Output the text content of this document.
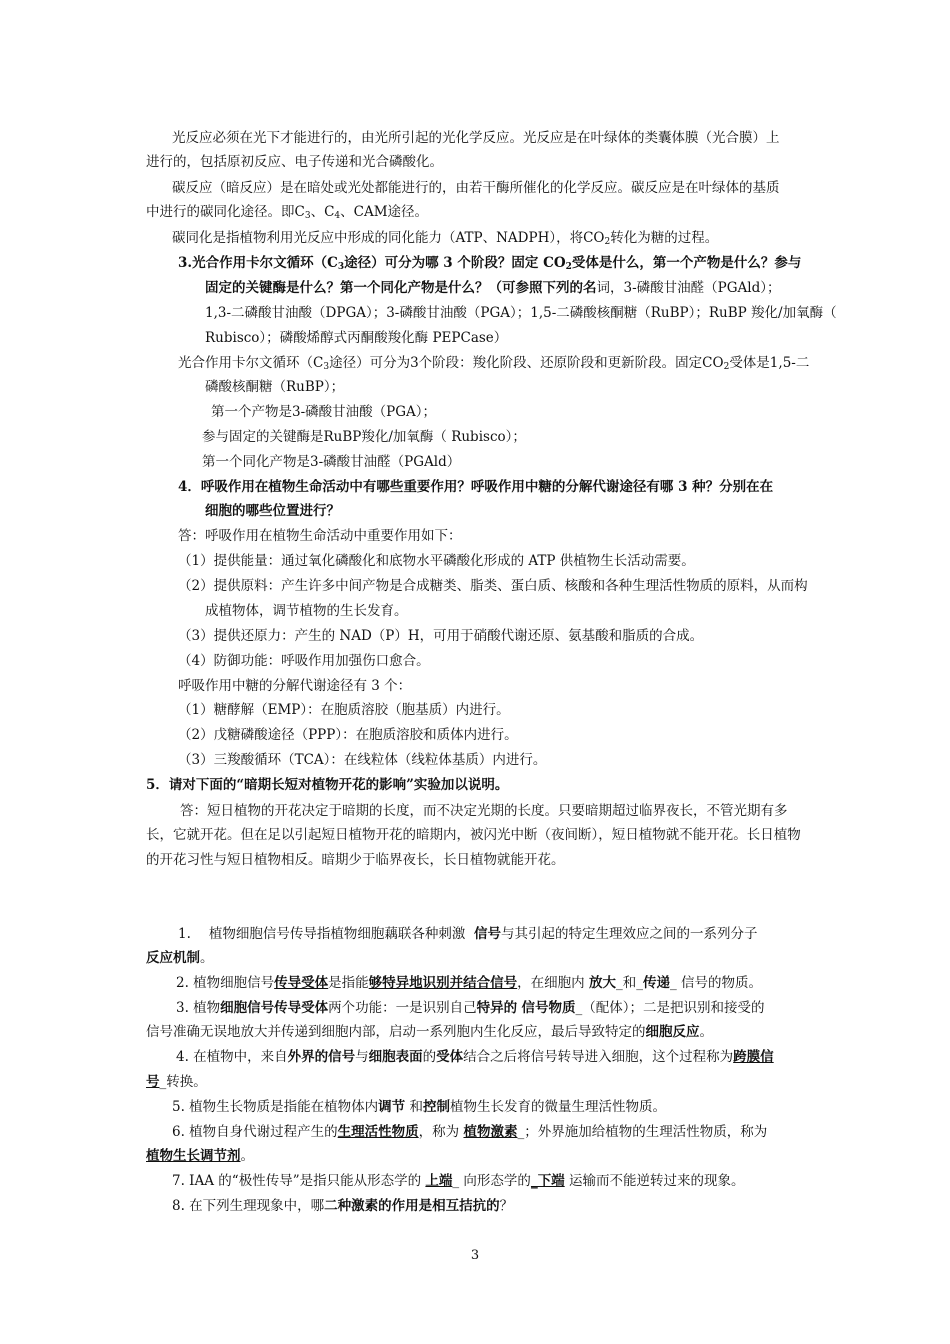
光反应必须在光下才能进行的，由光所引起的光化学反应。光反应是在叶绿体的类囊体膜（光合膜）上
进行的，包括原初反应、电子传递和光合磷酸化。
碳反应（暗反应）是在暗处或光处都能进行的，由若干酶所催化的化学反应。碳反应是在叶绿体的基质
中进行的碳同化途径。即$C_3$、$C_4$、CAM途径。
碳同化是指植物利用光反应中形成的同化能力（ATP、NADPH），将$CO_2$转化为糖的过程。
3.光合作用卡尔文循环（$C_3$途径）可分为哪 3 个阶段？固定 $CO_2$受体是什么，第一个产物是什么？参与
固定的关键酶是什么？第一个同化产物是什么？（可参照下列的名词，3-磷酸甘油醛（PGAld）；
1,3-二磷酸甘油酸（DPGA）；3-磷酸甘油酸（PGA）；1,5-二磷酸核酮糖（RuBP）；RuBP 羧化/加氧酶（
Rubisco）；磷酸烯醇式丙酮酸羧化酶 PEPCase）
光合作用卡尔文循环（$C_3$途径）可分为3个阶段：羧化阶段、还原阶段和更新阶段。固定$CO_2$受体是1,5-二
磷酸核酮糖（RuBP）；
第一个产物是3-磷酸甘油酸（PGA）；
参与固定的关键酶是RuBP羧化/加氧酶（ Rubisco）；
第一个同化产物是3-磷酸甘油醛（PGAld）
4．呼吸作用在植物生命活动中有哪些重要作用？呼吸作用中糖的分解代谢途径有哪 3 种？分别在在
细胞的哪些位置进行？
答：呼吸作用在植物生命活动中重要作用如下：
（1）提供能量：通过氧化磷酸化和底物水平磷酸化形成的 ATP 供植物生长活动需要。
（2）提供原料：产生许多中间产物是合成糖类、脂类、蛋白质、核酸和各种生理活性物质的原料，从而构
成植物体，调节植物的生长发育。
（3）提供还原力：产生的 NAD（P）H，可用于硝酸代谢还原、氨基酸和脂质的合成。
（4）防御功能：呼吸作用加强伤口愈合。
呼吸作用中糖的分解代谢途径有 3 个：
（1）糖酵解（EMP）：在胞质溶胶（胞基质）内进行。
（2）戊糖磷酸途径（PPP）：在胞质溶胶和质体内进行。
（3）三羧酸循环（TCA）：在线粒体（线粒体基质）内进行。
5．请对下面的“暗期长短对植物开花的影响”实验加以说明。
答：短日植物的开花决定于暗期的长度，而不决定光期的长度。只要暗期超过临界夜长，不管光期有多
长，它就开花。但在足以引起短日植物开花的暗期内，被闪光中断（夜间断），短日植物就不能开花。长日植物
的开花习性与短日植物相反。暗期少于临界夜长，长日植物就能开花。
1. 植物细胞信号传导指植物细胞藕联各种刺激 信号与其引起的特定生理效应之间的一系列分子
反应机制。
2. 植物细胞信号传导受体是指能够特异地识别并结合信号，在细胞内 放大_和_传递_ 信号的物质。
3. 植物细胞信号传导受体两个功能：一是识别自己特异的 信号物质_（配体）；二是把识别和接受的
信号准确无误地放大并传递到细胞内部，启动一系列胞内生化反应，最后导致特定的细胞反应。
4. 在植物中，来自外界的信号与细胞表面的受体结合之后将信号转导进入细胞，这个过程称为跨膜信
号_转换。
5. 植物生长物质是指能在植物体内调节 和控制植物生长发育的微量生理活性物质。
6. 植物自身代谢过程产生的生理活性物质，称为 植物激素_；外界施加给植物的生理活性物质，称为
植物生长调节剂。
7. IAA 的“极性传导”是指只能从形态学的 上端_ 向形态学的_下端 运输而不能逆转过来的现象。
8. 在下列生理现象中，哪二种激素的作用是相互拮抗的？
3
